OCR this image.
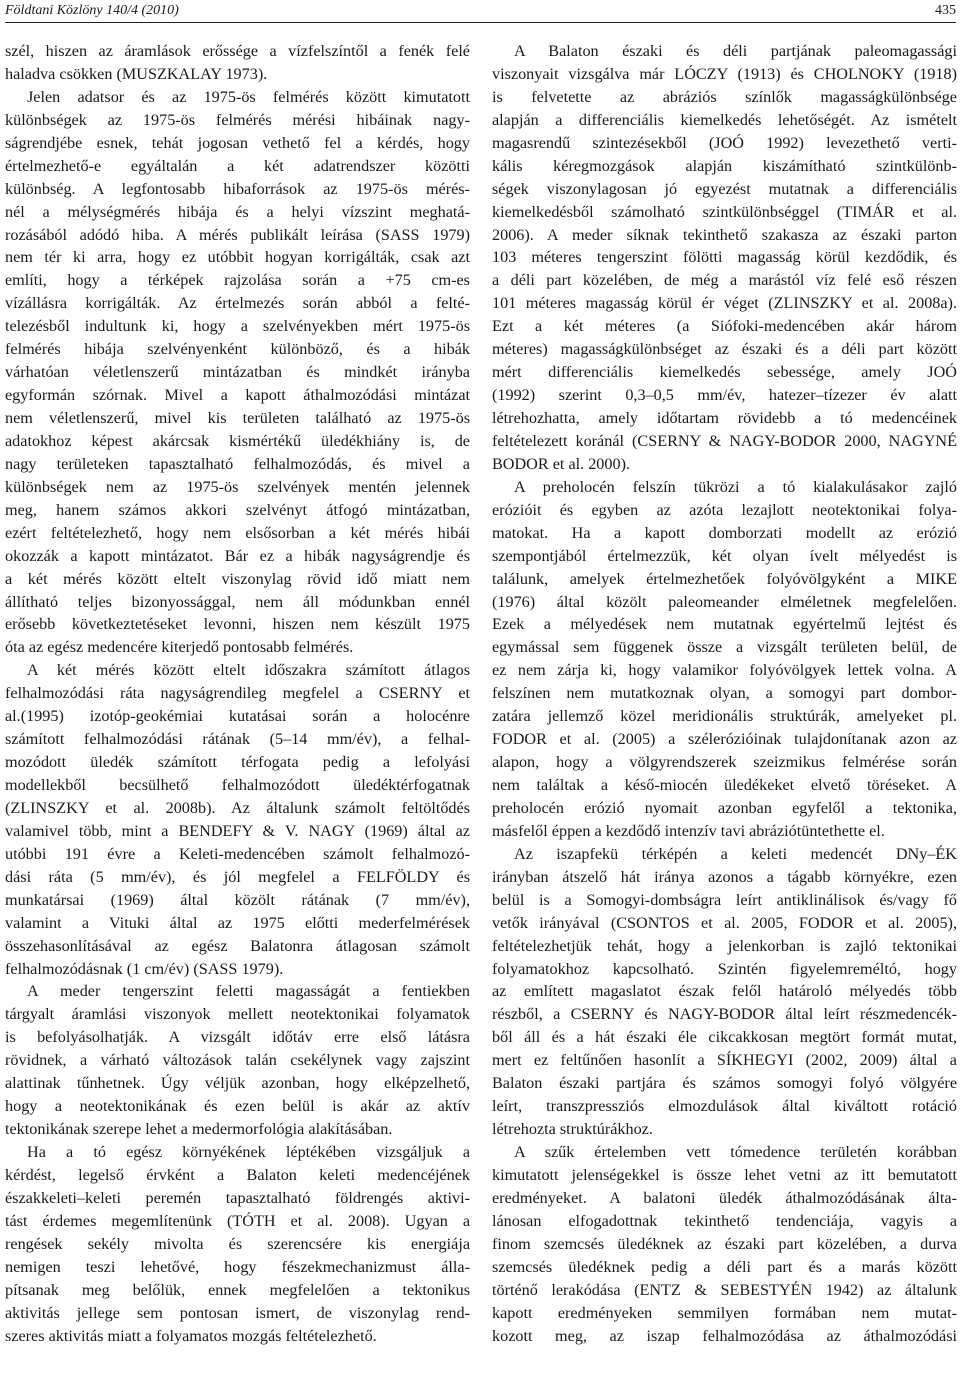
Földtani Közlöny 140/4 (2010)	435
szél, hiszen az áramlások erőssége a vízfelszíntől a fenék felé
haladva csökken (MUSZKALAY 1973).
Jelen adatsor és az 1975-ös felmérés között kimutatott
különbségek az 1975-ös felmérés mérési hibáinak nagy-
ságrendjébe esnek, tehát jogosan vethető fel a kérdés, hogy
értelmezhető-e egyáltalán a két adatrendszer közötti
különbség. A legfontosabb hibaforrások az 1975-ös mérés-
nél a mélységmérés hibája és a helyi vízszint meghatá-
rozásából adódó hiba. A mérés publikált leírása (SASS 1979)
nem tér ki arra, hogy ez utóbbit hogyan korrigálták, csak azt
említi, hogy a térképek rajzolása során a +75 cm-es
vízállásra korrigálták. Az értelmezés során abból a felté-
telezésből indultunk ki, hogy a szelvényekben mért 1975-ös
felmérés hibája szelvényenként különböző, és a hibák
várhatóan véletlenszerű mintázatban és mindkét irányba
egyformán szórnak. Mivel a kapott áthalmozódási mintázat
nem véletlenszerű, mivel kis területen található az 1975-ös
adatokhoz képest akárcsak kismértékű üledékhiány is, de
nagy területeken tapasztalható felhalmozódás, és mivel a
különbségek nem az 1975-ös szelvények mentén jelennek
meg, hanem számos akkori szelvényt átfogó mintázatban,
ezért feltételezhető, hogy nem elsősorban a két mérés hibái
okozzák a kapott mintázatot. Bár ez a hibák nagyságrendje és
a két mérés között eltelt viszonylag rövid idő miatt nem
állítható teljes bizonyossággal, nem áll módunkban ennél
erősebb következtetéseket levonni, hiszen nem készült 1975
óta az egész medencére kiterjedő pontosabb felmérés.
A két mérés között eltelt időszakra számított átlagos
felhalmozódási ráta nagyságrendileg megfelel a CSERNY et
al.(1995) izotóp-geokémiai kutatásai során a holocénre
számított felhalmozódási rátának (5–14 mm/év), a felhal-
mozódott üledék számított térfogata pedig a lefolyási
modellekből becsülhető felhalmozódott üledéktérfogatnak
(ZLINSZKY et al. 2008b). Az általunk számolt feltöltődés
valamivel több, mint a BENDEFY & V. NAGY (1969) által az
utóbbi 191 évre a Keleti-medencében számolt felhalmozó-
dási ráta (5 mm/év), és jól megfelel a FELFÖLDY és
munkatársai (1969) által közölt rátának (7 mm/év),
valamint a Vituki által az 1975 előtti mederfelmérések
összehasonlításával az egész Balatonra átlagosan számolt
felhalmozódásnak (1 cm/év) (SASS 1979).
A meder tengerszint feletti magasságát a fentiekben
tárgyalt áramlási viszonyok mellett neotektonikai folyamatok
is befolyásolhatják. A vizsgált időtáv erre első látásra
rövidnek, a várható változások talán csekélynek vagy zajszint
alattinak tűnhetnek. Úgy véljük azonban, hogy elképzelhető,
hogy a neotektonikának és ezen belül is akár az aktív
tektonikának szerepe lehet a medermorfológia alakításában.
Ha a tó egész környékének léptékében vizsgáljuk a
kérdést, legelső érvként a Balaton keleti medencéjének
északkeleti–keleti peremén tapasztalható földrengés aktivi-
tást érdemes megemlítenünk (TÓTH et al. 2008). Ugyan a
rengések sekély mivolta és szerencsére kis energiája
nemigen teszi lehetővé, hogy fészekmechanizmust álla-
pítsanak meg belőlük, ennek megfelelően a tektonikus
aktivitás jellege sem pontosan ismert, de viszonylag rend-
szeres aktivitás miatt a folyamatos mozgás feltételezhető.
A Balaton északi és déli partjának paleomagassági
viszonyait vizsgálva már LÓCZY (1913) és CHOLNOKY (1918)
is felvetette az abráziós színlők magasságkülönbsége
alapján a differenciális kiemelkedés lehetőségét. Az ismételt
magasrendű szintezésekből (JOÓ 1992) levezethető verti-
kális kéregmozgások alapján kiszámítható szintkülönb-
ségek viszonylagosan jó egyezést mutatnak a differenciális
kiemelkedésből számolható szintkülönbséggel (TIMÁR et al.
2006). A meder síknak tekinthető szakasza az északi parton
103 méteres tengerszint fölötti magasság körül kezdődik, és
a déli part közelében, de még a marástól víz felé eső részen
101 méteres magasság körül ér véget (ZLINSZKY et al. 2008a).
Ezt a két méteres (a Siófoki-medencében akár három
méteres) magasságkülönbséget az északi és a déli part között
mért differenciális kiemelkedés sebessége, amely JOÓ
(1992) szerint 0,3–0,5 mm/év, hatezer–tízezer év alatt
létrehozhatta, amely időtartam rövidebb a tó medencéinek
feltételezett koránál (CSERNY & NAGY-BODOR 2000, NAGYNÉ
BODOR et al. 2000).
A preholocén felszín tükrözi a tó kialakulásakor zajló
erózióit és egyben az azóta lezajlott neotektonikai folya-
matokat. Ha a kapott domborzati modellt az erózió
szempontjából értelmezzük, két olyan ívelt mélyedést is
találunk, amelyek értelmezhetőek folyóvölgyként a MIKE
(1976) által közölt paleomeander elméletnek megfelelően.
Ezek a mélyedések nem mutatnak egyértelmű lejtést és
egymással sem függenek össze a vizsgált területen belül, de
ez nem zárja ki, hogy valamikor folyóvölgyek lettek volna. A
felszínen nem mutatkoznak olyan, a somogyi part dombor-
zatára jellemző közel meridionális struktúrák, amelyeket pl.
FODOR et al. (2005) a szélerózióinak tulajdonítanak azon az
alapon, hogy a völgyrendszerek szeizmikus felmérése során
nem találtak a késő-miocén üledékeket elvető töréseket. A
preholocén erózió nyomait azonban egyfelől a tektonika,
másfelől éppen a kezdődő intenzív tavi abráziótüntethette el.
Az iszapfekü térképén a keleti medencét DNy–ÉK
irányban átszelő hát iránya azonos a tágabb környékre, ezen
belül is a Somogyi-dombságra leírt antiklinálisok és/vagy fő
vetők irányával (CSONTOS et al. 2005, FODOR et al. 2005),
feltételezhetjük tehát, hogy a jelenkorban is zajló tektonikai
folyamatokhoz kapcsolható. Szintén figyelemreméltó, hogy
az említett magaslatot észak felől határoló mélyedés több
részből, a CSERNY és NAGY-BODOR által leírt részmedencék-
ből áll és a hát északi éle cikcakkosan megtört formát mutat,
mert ez feltűnően hasonlít a SÍKHEGYI (2002, 2009) által a
Balaton északi partjára és számos somogyi folyó völgyére
leírt, transzpressziós elmozdulások által kiváltott rotáció
létrehozta struktúrákhoz.
A szűk értelemben vett tómedence területén korábban
kimutatott jelenségekkel is össze lehet vetni az itt bemutatott
eredményeket. A balatoni üledék áthalmozódásának álta-
lánosan elfogadottnak tekinthető tendenciája, vagyis a
finom szemcsés üledéknek az északi part közelében, a durva
szemcsés üledéknek pedig a déli part és a marás között
történő lerakódása (ENTZ & SEBESTYÉN 1942) az általunk
kapott eredményeken semmilyen formában nem mutat-
kozott meg, az iszap felhalmozódása az áthalmozódási
